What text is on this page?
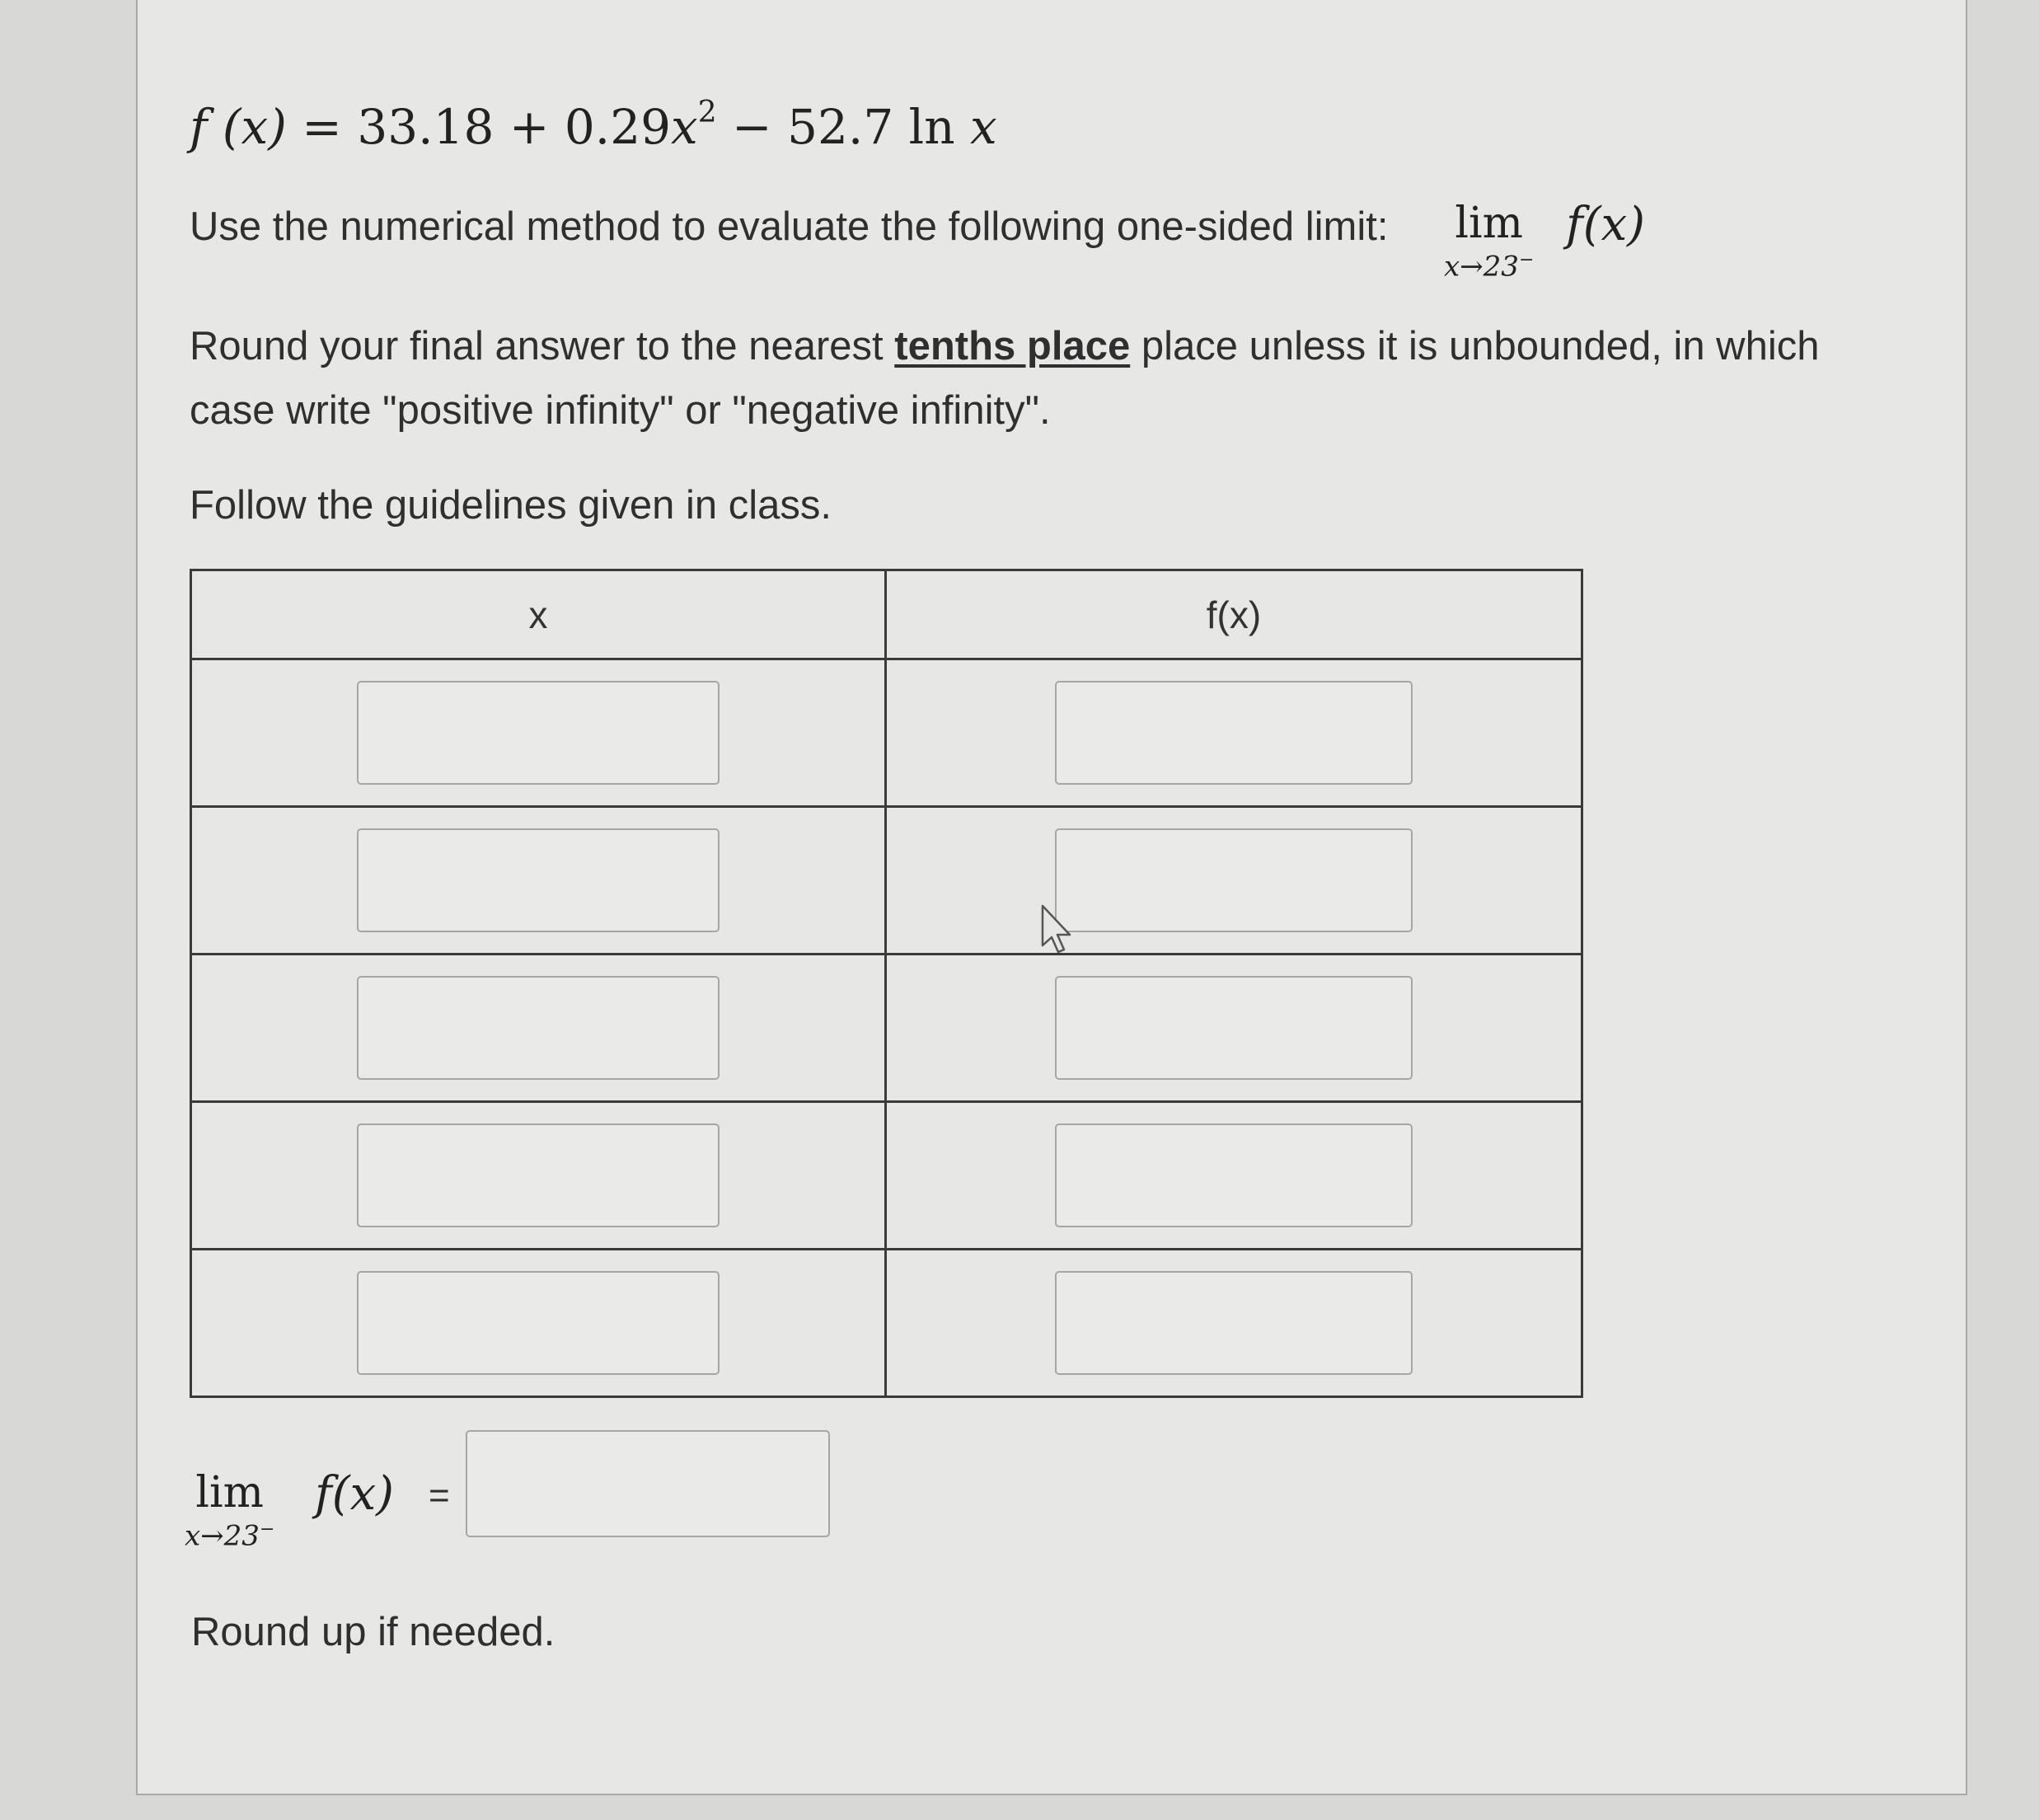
f $(x) = 33.18 + 0.29x^2 - 52.7$ ln x
Use the numerical method to evaluate the following one-sided limit: lim
x→23−
f(x)
Round your final answer to the nearest tenths place place unless it is unbounded, in which
case write "positive infinity" or "negative infinity".
Follow the guidelines given in class.
x	f(x)

lim
x→23−
f(x) =
Round up if needed.
